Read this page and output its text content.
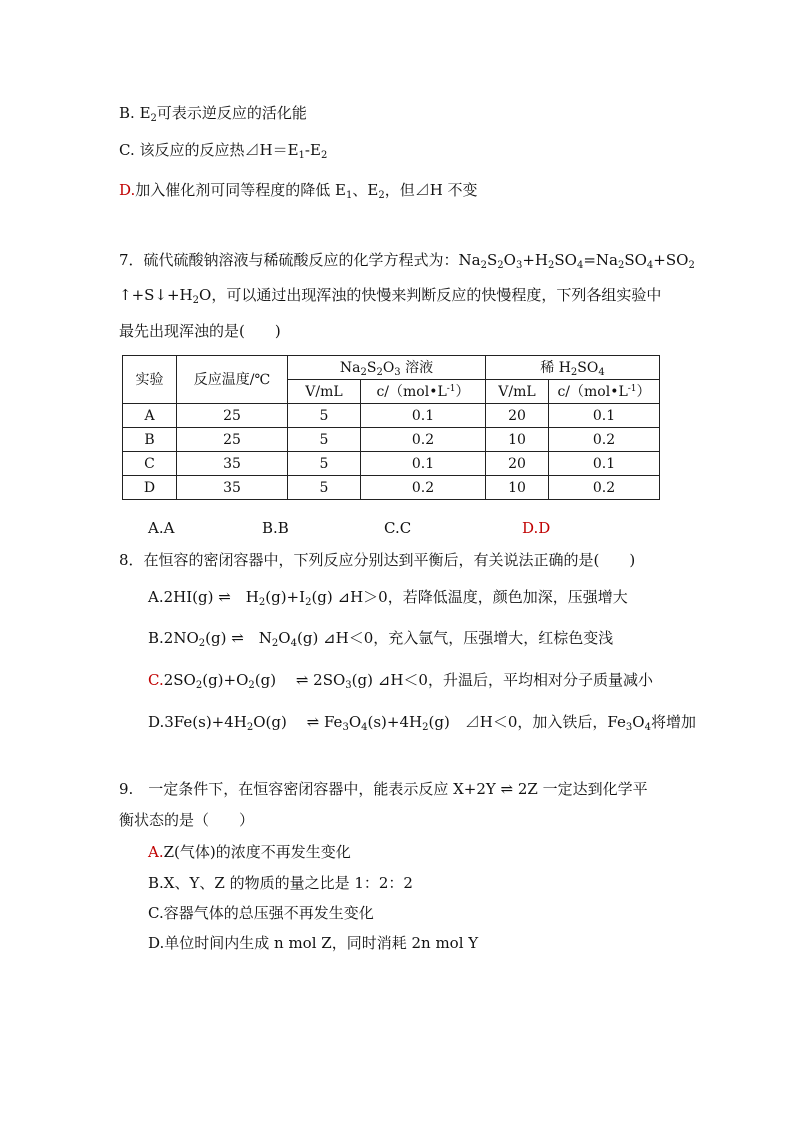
B. $E_2$可表示逆反应的活化能
C. 该反应的反应热$⊿H=E_1-E_2$
D.加入催化剂可同等程度的降低 $E_1$、$E_2$，但⊿H 不变
7．硫代硫酸钠溶液与稀硫酸反应的化学方程式为：$Na_2S_2O_3+H_2SO_4=Na_2SO_4+SO_2$
$↑+S↓+H_2O$，可以通过出现浑浊的快慢来判断反应的快慢程度，下列各组实验中
最先出现浑浊的是(　　)
实验	反应温度/℃	$Na_2S_2O_3$ 溶液		稀 $H_2SO_4$
		V/mL	$c/(mol•L^{-1})$	V/mL	$c/(mol•L^{-1})$
A	25	5	0.1	20	0.1
B	25	5	0.2	10	0.2
C	35	5	0.1	20	0.1
D	35	5	0.2	10	0.2
A.A	B.B	C.C	D.D
8．在恒容的密闭容器中，下列反应分别达到平衡后，有关说法正确的是(　　)
A.2HI(g) ⇌　$H_2(g)+I_2(g)$ ⊿H＞0，若降低温度，颜色加深，压强增大
$B.2NO_2(g)$ ⇌　$N_2O_4(g)$ ⊿H＜0，充入氩气，压强增大，红棕色变浅
$C.2SO_2(g)+O_2(g)$　 ⇌ $2SO_3(g)$ ⊿H＜0，升温后，平均相对分子质量减小
$D.3Fe(s)+4H_2O(g)$　 ⇌ $Fe_3O_4(s)+4H_2(g)$　⊿H＜0，加入铁后，$Fe_3O_4$将增加
9.　一定条件下，在恒容密闭容器中，能表示反应 X+2Y ⇌ 2Z 一定达到化学平
衡状态的是（　　）
A.Z(气体)的浓度不再发生变化
B.X、Y、Z 的物质的量之比是 1：2：2
C.容器气体的总压强不再发生变化
D.单位时间内生成 n mol Z，同时消耗 2n mol Y
